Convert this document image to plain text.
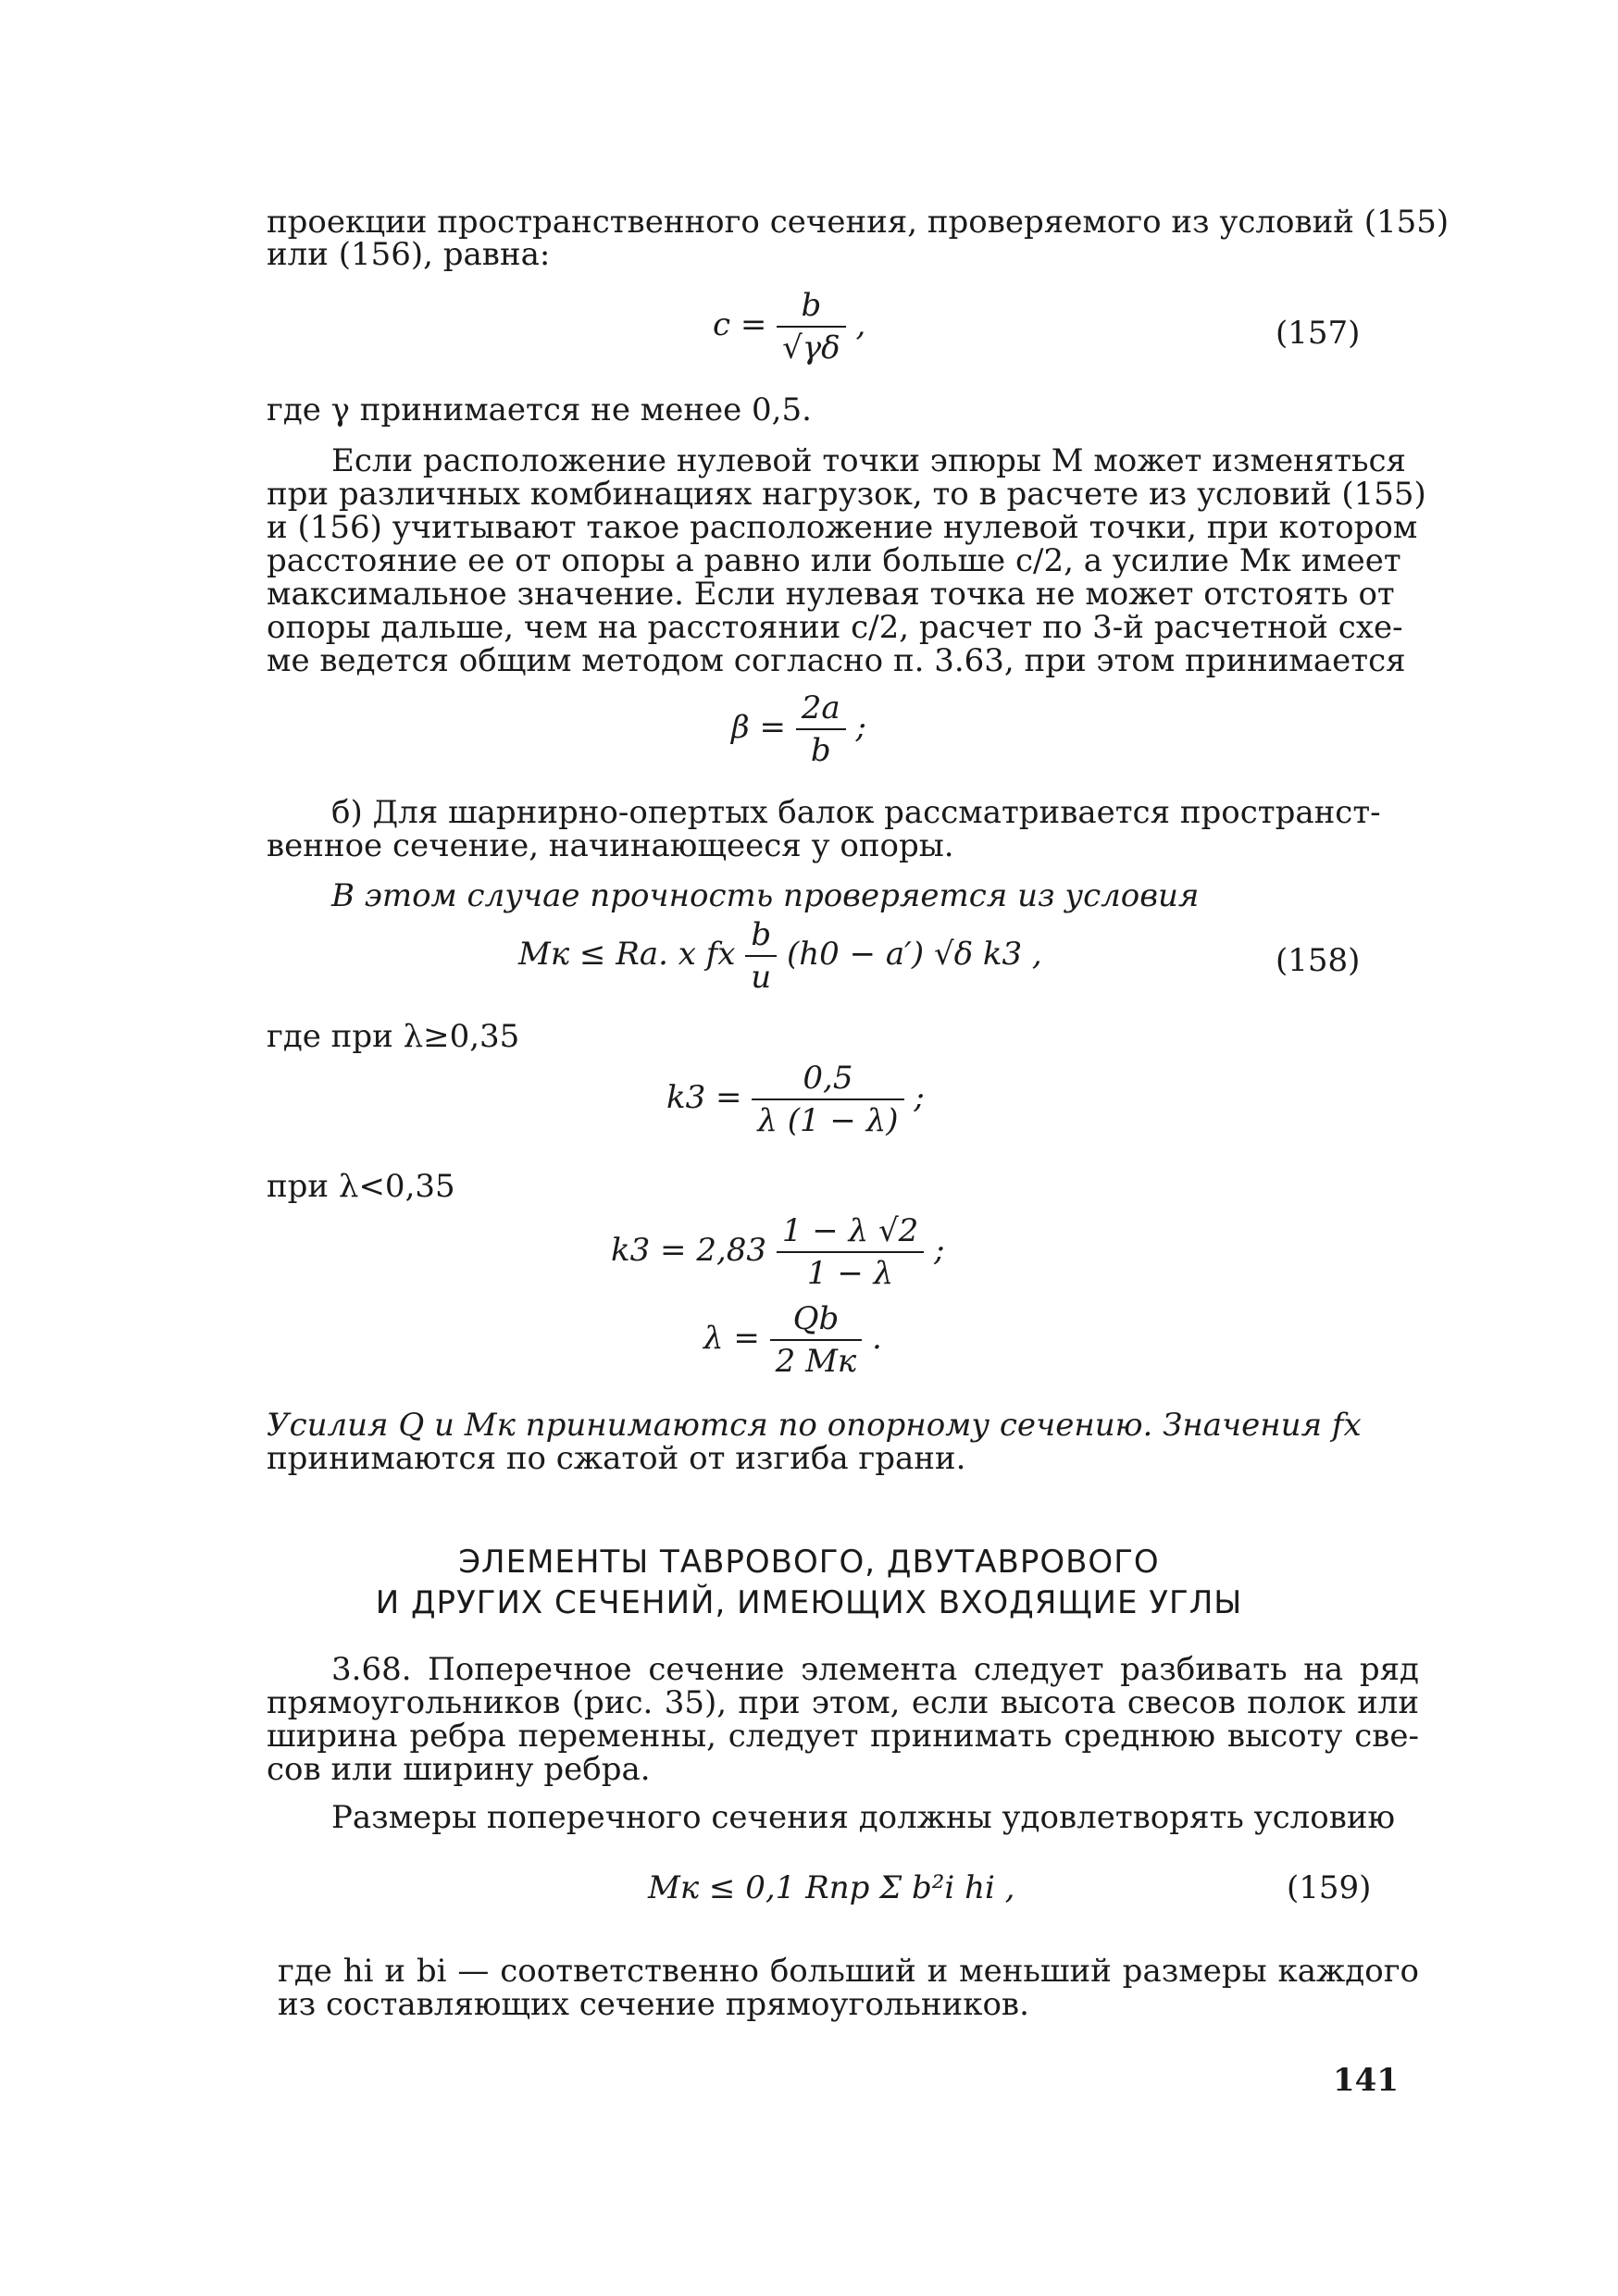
проекции пространственного сечения, проверяемого из условий (155)
или (156), равна:
$c = \frac{b}{√\gamma\delta}$ ,	(157)
где γ принимается не менее 0,5.
Если расположение нулевой точки эпюры M может изменяться
при различных комбинациях нагрузок, то в расчете из условий (155)
и (156) учитывают такое расположение нулевой точки, при котором
расстояние ее от опоры a равно или больше c/2, а усилие Mк имеет
максимальное значение. Если нулевая точка не может отстоять от
опоры дальше, чем на расстоянии c/2, расчет по 3-й расчетной схе-
ме ведется общим методом согласно п. 3.63, при этом принимается
$\beta = \frac{2a}{b}$ ;
б) Для шарнирно-опертых балок рассматривается пространст-
венное сечение, начинающееся у опоры.
В этом случае прочность проверяется из условия
Mк ≤ Rа. х fх $\frac{b}{u} (h0 - a')$ √δ k3 ,	(158)
где при λ≥0,35
$k3 = \frac{0,5}{\lambda (1 - \lambda)}$ ;
при λ<0,35
$k3 = 2,83 \frac{1 - \lambda √2}{1 - \lambda}$ ;
$\lambda = \frac{Qb}{2 Mк}$ .
Усилия Q и Mк принимаются по опорному сечению. Значения fх
принимаются по сжатой от изгиба грани.
ЭЛЕМЕНТЫ ТАВРОВОГО, ДВУТАВРОВОГО
И ДРУГИХ СЕЧЕНИЙ, ИМЕЮЩИХ ВХОДЯЩИЕ УГЛЫ
3.68. Поперечное сечение элемента следует разбивать на ряд
прямоугольников (рис. 35), при этом, если высота свесов полок или
ширина ребра переменны, следует принимать среднюю высоту све-
сов или ширину ребра.
Размеры поперечного сечения должны удовлетворять условию
Mк ≤ 0,1 Rпр Σ b²i hi ,	(159)
где hi и bi — соответственно больший и меньший размеры каждого
из составляющих сечение прямоугольников.
141
